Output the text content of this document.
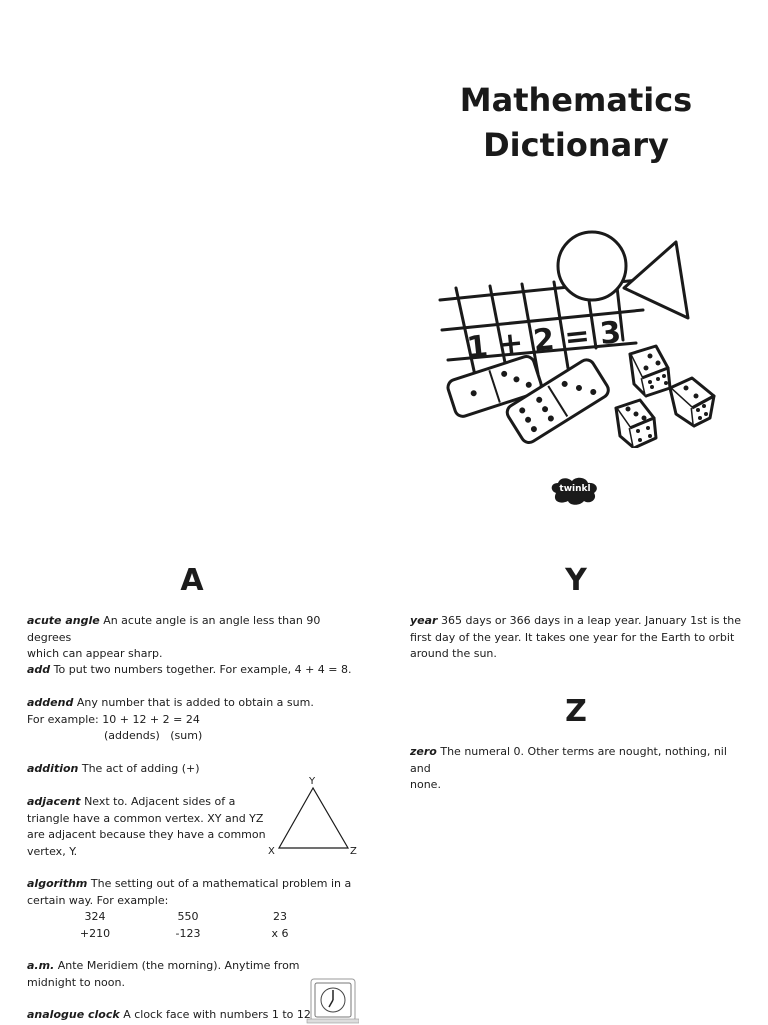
Mathematics
Dictionary
1 + 2 = 3
twinkl
A
acute angle An acute angle is an angle less than 90 degrees
which can appear sharp.
add To put two numbers together. For example, 4 + 4 = 8.
addend Any number that is added to obtain a sum.
For example: 10 + 12 + 2 = 24
(addends)   (sum)
addition The act of adding (+)
adjacent Next to. Adjacent sides of a
triangle have a common vertex. XY and YZ
are adjacent because they have a common
vertex, Y.
Y
X	Z
algorithm The setting out of a mathematical problem in a
certain way. For example:
324
+210
550
-123
23
x 6
a.m. Ante Meridiem (the morning). Anytime from
midnight to noon.
analogue clock A clock face with numbers 1 to 12
Y
year 365 days or 366 days in a leap year. January 1st is the
first day of the year. It takes one year for the Earth to orbit
around the sun.
Z
zero The numeral 0. Other terms are nought, nothing, nil and
none.
